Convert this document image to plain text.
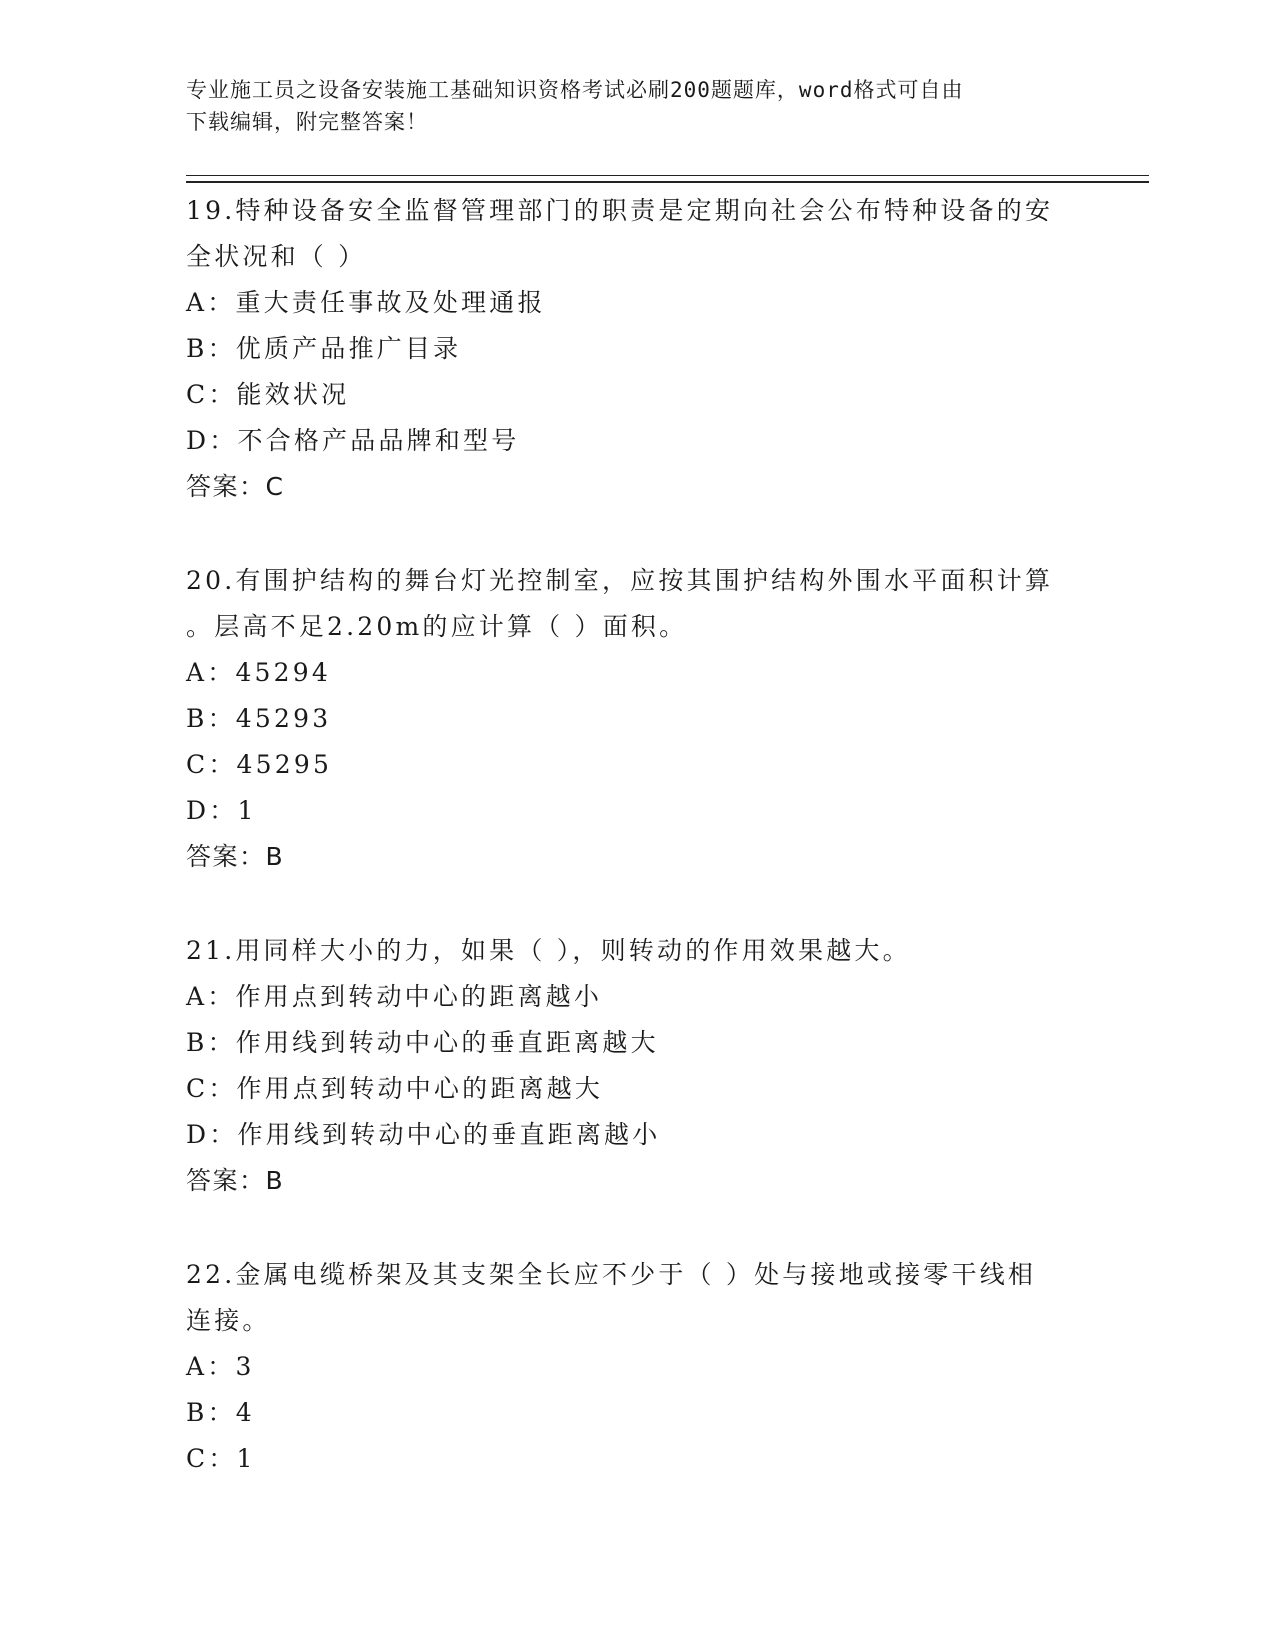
专业施工员之设备安装施工基础知识资格考试必刷200题题库，word格式可自由
下载编辑，附完整答案！
19.特种设备安全监督管理部门的职责是定期向社会公布特种设备的安
全状况和（ ）
A：重大责任事故及处理通报
B：优质产品推广目录
C：能效状况
D：不合格产品品牌和型号
答案：C
20.有围护结构的舞台灯光控制室，应按其围护结构外围水平面积计算
。层高不足2.20m的应计算（ ）面积。
A：45294
B：45293
C：45295
D：1
答案：B
21.用同样大小的力，如果（ ），则转动的作用效果越大。
A：作用点到转动中心的距离越小
B：作用线到转动中心的垂直距离越大
C：作用点到转动中心的距离越大
D：作用线到转动中心的垂直距离越小
答案：B
22.金属电缆桥架及其支架全长应不少于（ ）处与接地或接零干线相
连接。
A：3
B：4
C：1
